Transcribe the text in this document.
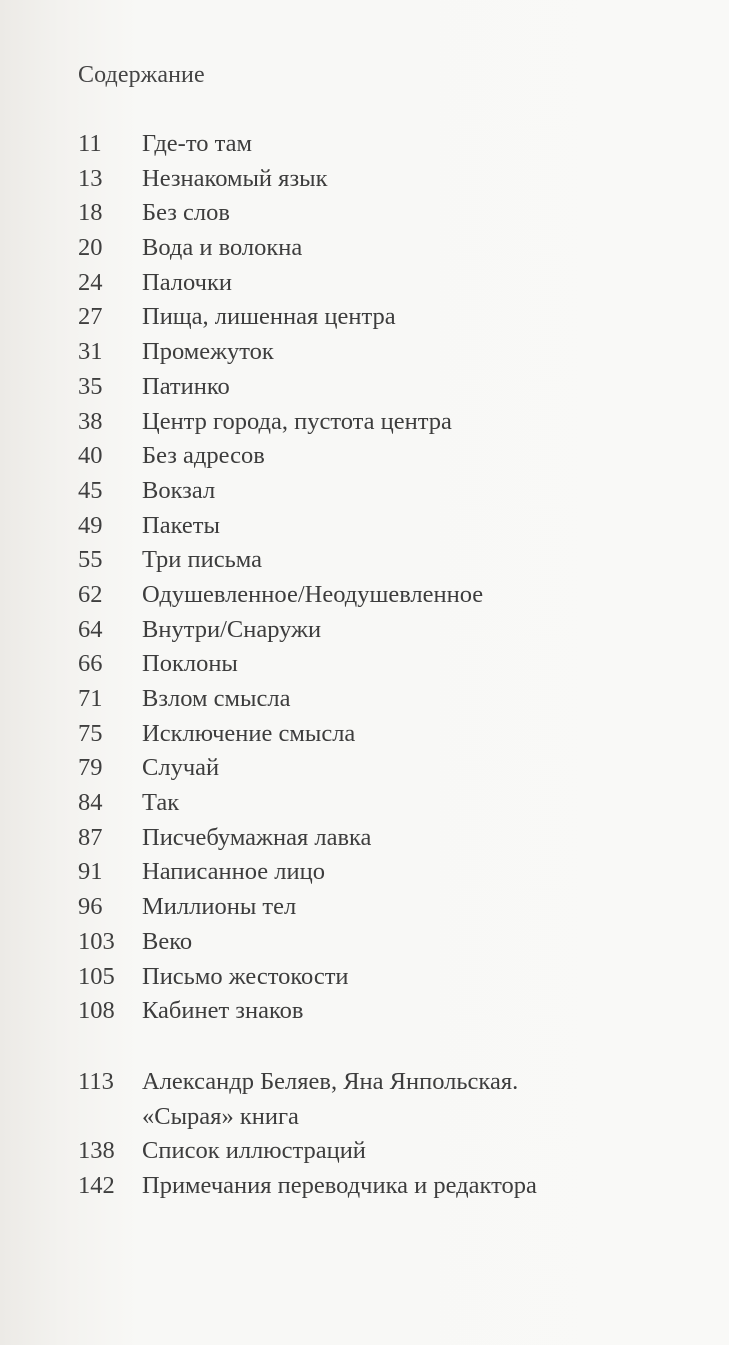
Содержание
11	Где-то там
13	Незнакомый язык
18	Без слов
20	Вода и волокна
24	Палочки
27	Пища, лишенная центра
31	Промежуток
35	Патинко
38	Центр города, пустота центра
40	Без адресов
45	Вокзал
49	Пакеты
55	Три письма
62	Одушевленное/Неодушевленное
64	Внутри/Снаружи
66	Поклоны
71	Взлом смысла
75	Исключение смысла
79	Случай
84	Так
87	Писчебумажная лавка
91	Написанное лицо
96	Миллионы тел
103	Веко
105	Письмо жестокости
108	Кабинет знаков
113	Александр Беляев, Яна Янпольская.
«Сырая» книга
138	Список иллюстраций
142	Примечания переводчика и редактора
